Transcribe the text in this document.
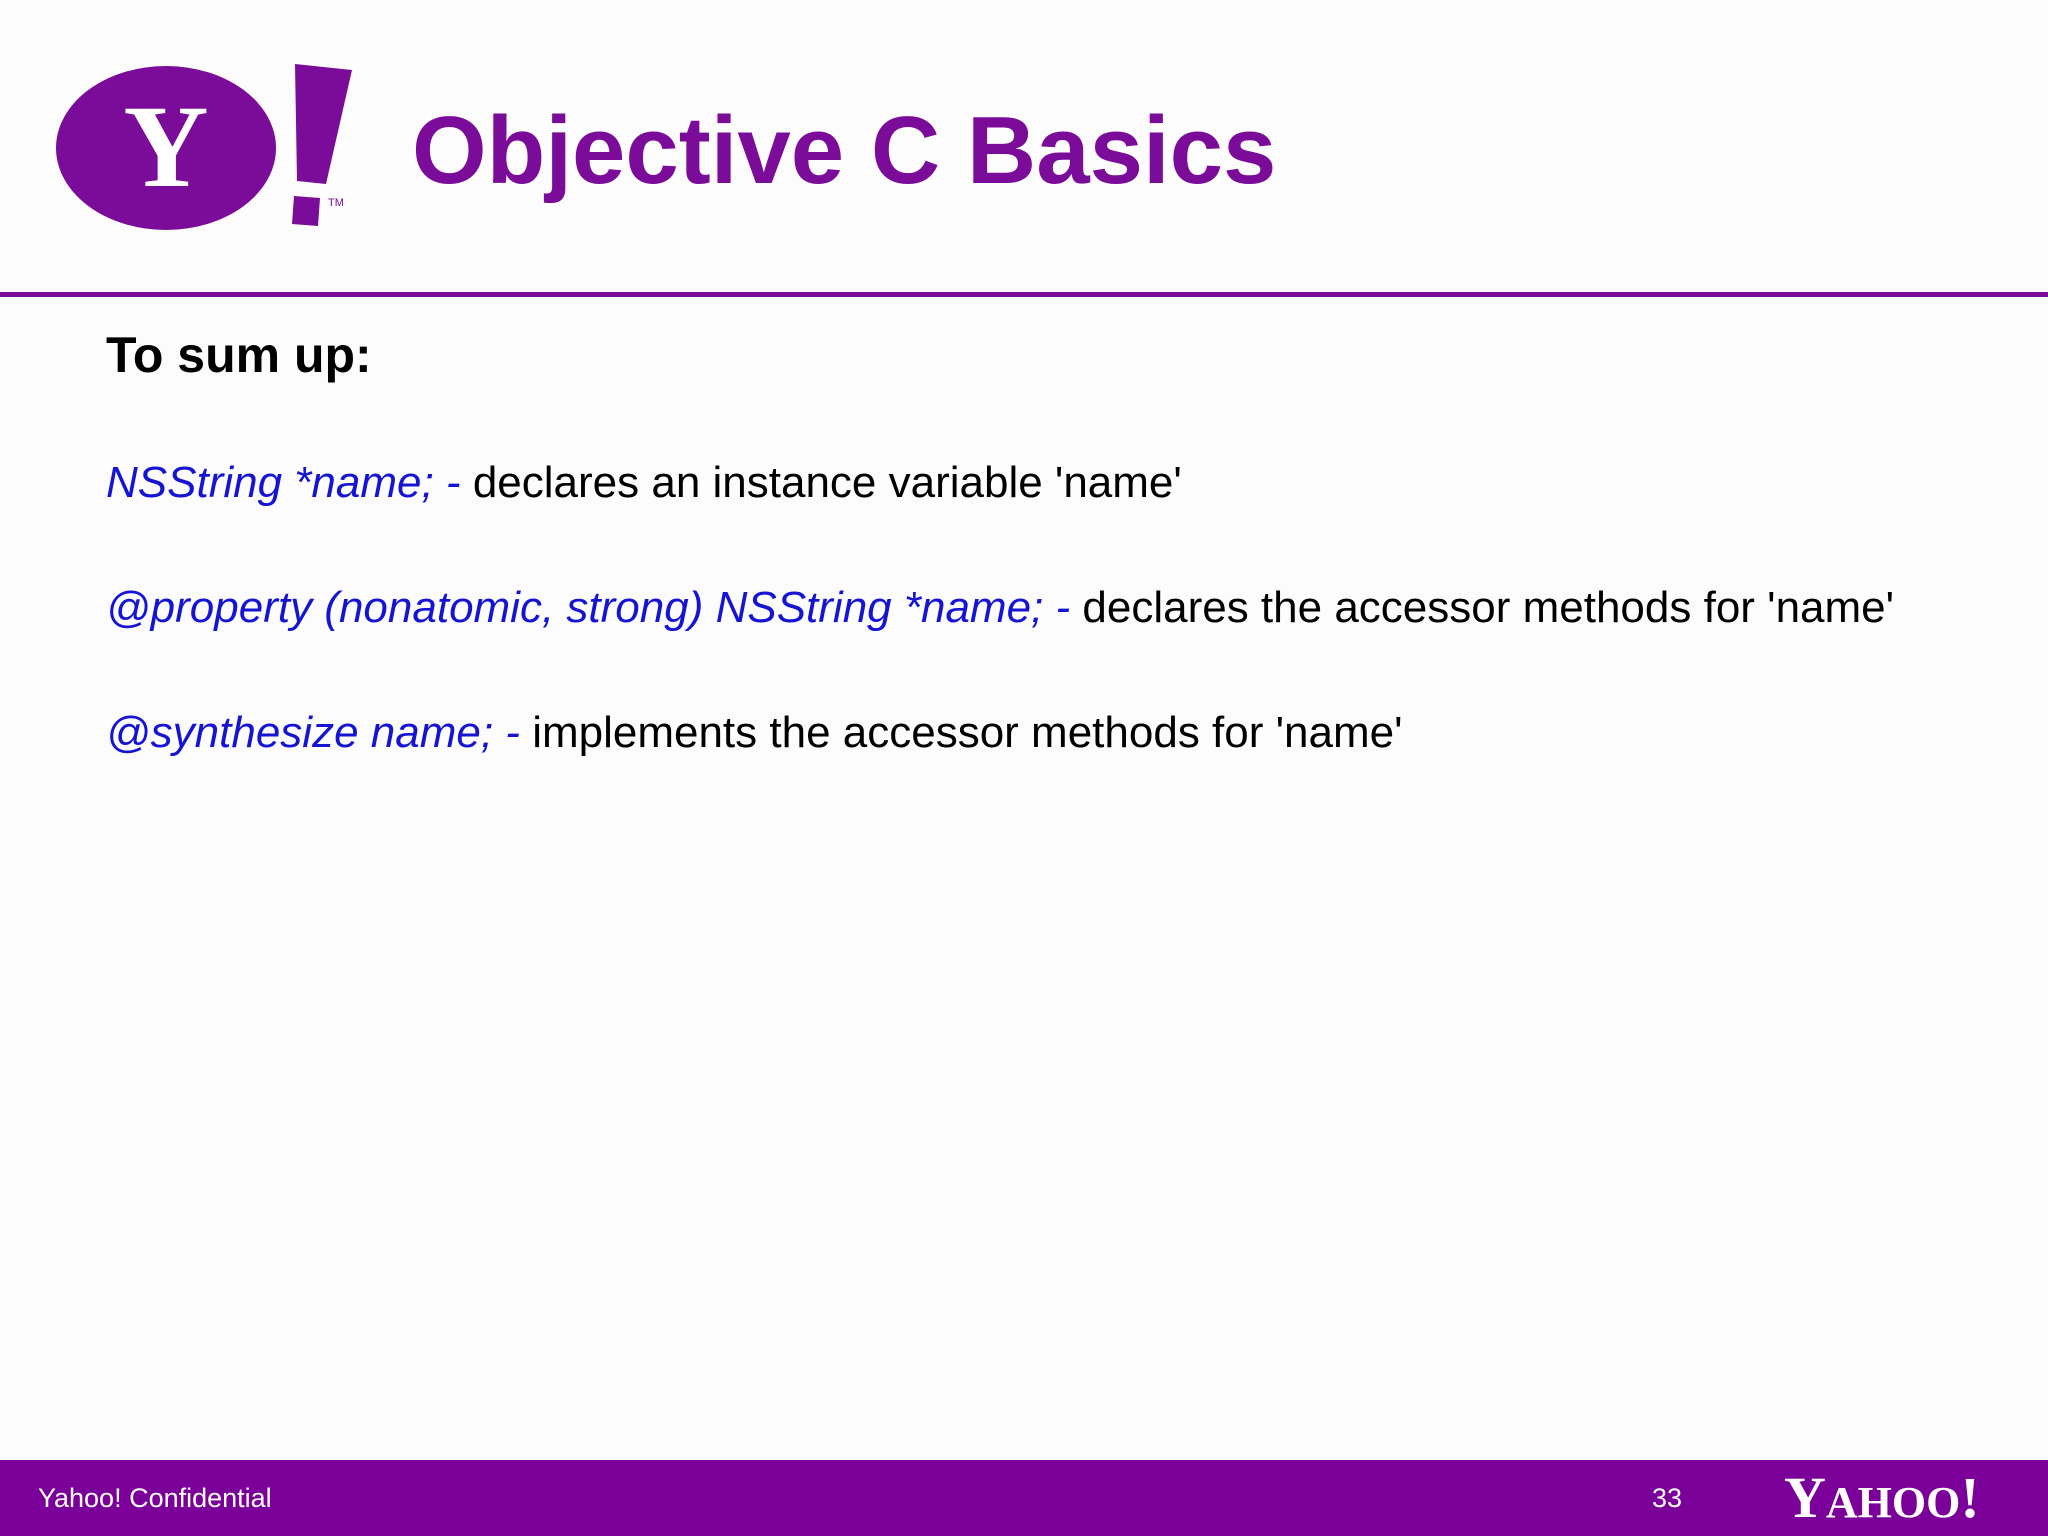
Y	TM Objective C Basics

To sum up:

NSString *name; - declares an instance variable 'name'
@property (nonatomic, strong) NSString *name; - declares the accessor methods for 'name'
@synthesize name; - implements the accessor methods for 'name'
Yahoo! Confidential	33 YAHOO!
